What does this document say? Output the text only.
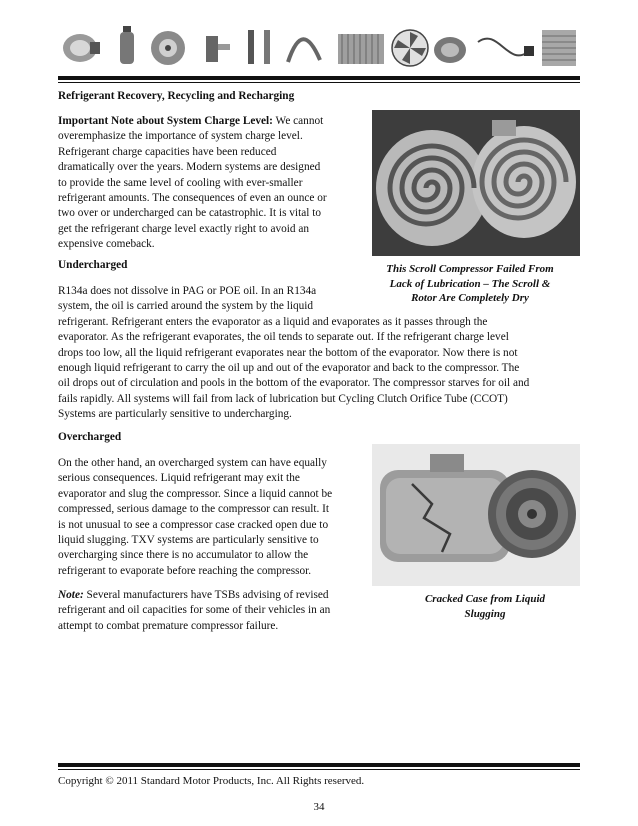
Refrigerant Recovery, Recycling and Recharging

Important Note about System Charge Level: We cannot

overemphasize the importance of system charge level.

Refrigerant charge capacities have been reduced

dramatically over the years. Modern systems are designed

to provide the same level of cooling with ever-smaller

refrigerant amounts. The consequences of even an ounce or

two over or undercharged can be catastrophic. It is vital to

get the refrigerant charge level exactly right to avoid an

expensive comeback.

This Scroll Compressor Failed From
Lack of Lubrication – The Scroll &
Rotor Are Completely Dry

Undercharged

R134a does not dissolve in PAG or POE oil. In an R134a

system, the oil is carried around the system by the liquid

refrigerant. Refrigerant enters the evaporator as a liquid and evaporates as it passes through the

evaporator. As the refrigerant evaporates, the oil tends to separate out. If the refrigerant charge level

drops too low, all the liquid refrigerant evaporates near the bottom of the evaporator. Now there is not

enough liquid refrigerant to carry the oil up and out of the evaporator and back to the compressor. The

oil drops out of circulation and pools in the bottom of the evaporator. The compressor starves for oil and

fails rapidly. All systems will fail from lack of lubrication but Cycling Clutch Orifice Tube (CCOT)

Systems are particularly sensitive to undercharging.

Overcharged

On the other hand, an overcharged system can have equally

serious consequences. Liquid refrigerant may exit the

evaporator and slug the compressor. Since a liquid cannot be

compressed, serious damage to the compressor can result. It

is not unusual to see a compressor case cracked open due to

liquid slugging. TXV systems are particularly sensitive to

overcharging since there is no accumulator to allow the

refrigerant to evaporate before reaching the compressor.

Cracked Case from Liquid
Slugging

Note: Several manufacturers have TSBs advising of revised

refrigerant and oil capacities for some of their vehicles in an

attempt to combat premature compressor failure.

Copyright © 2011 Standard Motor Products, Inc. All Rights reserved.

34
